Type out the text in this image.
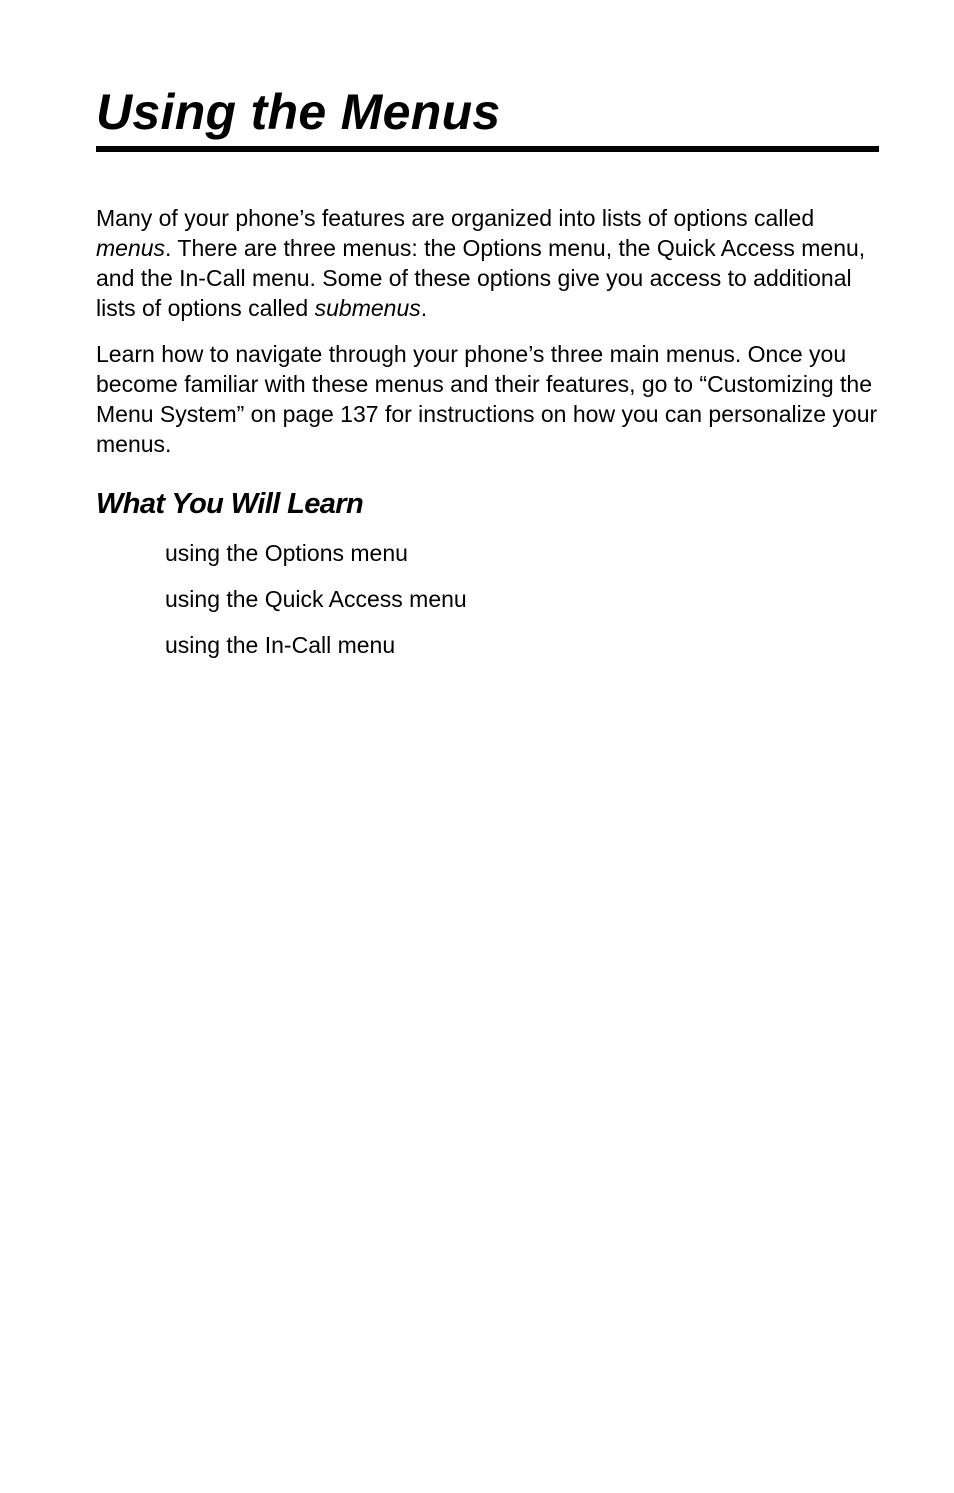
Using the Menus

Many of your phone’s features are organized into lists of options called menus. There are three menus: the Options menu, the Quick Access menu, and the In-Call menu. Some of these options give you access to additional lists of options called submenus.

Learn how to navigate through your phone’s three main menus. Once you become familiar with these menus and their features, go to “Customizing the Menu System” on page 137 for instructions on how you can personalize your menus.

What You Will Learn
using the Options menu
using the Quick Access menu
using the In-Call menu
